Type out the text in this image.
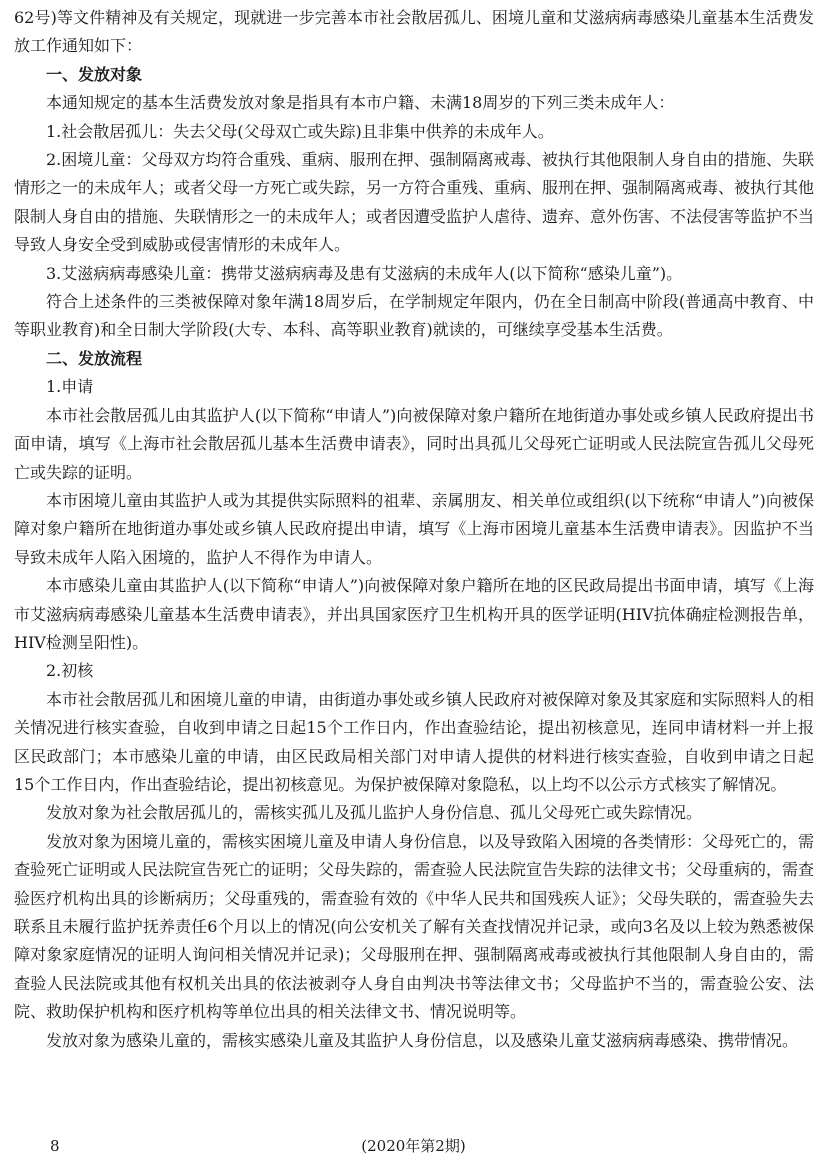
62号)等文件精神及有关规定，现就进一步完善本市社会散居孤儿、困境儿童和艾滋病病毒感染儿童基本生活费发放工作通知如下：

一、发放对象

本通知规定的基本生活费发放对象是指具有本市户籍、未满18周岁的下列三类未成年人：

1.社会散居孤儿：失去父母(父母双亡或失踪)且非集中供养的未成年人。

2.困境儿童：父母双方均符合重残、重病、服刑在押、强制隔离戒毒、被执行其他限制人身自由的措施、失联情形之一的未成年人；或者父母一方死亡或失踪，另一方符合重残、重病、服刑在押、强制隔离戒毒、被执行其他限制人身自由的措施、失联情形之一的未成年人；或者因遭受监护人虐待、遗弃、意外伤害、不法侵害等监护不当导致人身安全受到威胁或侵害情形的未成年人。

3.艾滋病病毒感染儿童：携带艾滋病病毒及患有艾滋病的未成年人(以下简称“感染儿童”)。

符合上述条件的三类被保障对象年满18周岁后，在学制规定年限内，仍在全日制高中阶段(普通高中教育、中等职业教育)和全日制大学阶段(大专、本科、高等职业教育)就读的，可继续享受基本生活费。

二、发放流程

1.申请

本市社会散居孤儿由其监护人(以下简称“申请人”)向被保障对象户籍所在地街道办事处或乡镇人民政府提出书面申请，填写《上海市社会散居孤儿基本生活费申请表》，同时出具孤儿父母死亡证明或人民法院宣告孤儿父母死亡或失踪的证明。

本市困境儿童由其监护人或为其提供实际照料的祖辈、亲属朋友、相关单位或组织(以下统称“申请人”)向被保障对象户籍所在地街道办事处或乡镇人民政府提出申请，填写《上海市困境儿童基本生活费申请表》。因监护不当导致未成年人陷入困境的，监护人不得作为申请人。

本市感染儿童由其监护人(以下简称“申请人”)向被保障对象户籍所在地的区民政局提出书面申请，填写《上海市艾滋病病毒感染儿童基本生活费申请表》，并出具国家医疗卫生机构开具的医学证明(HIV抗体确症检测报告单，HIV检测呈阳性)。

2.初核

本市社会散居孤儿和困境儿童的申请，由街道办事处或乡镇人民政府对被保障对象及其家庭和实际照料人的相关情况进行核实查验，自收到申请之日起15个工作日内，作出查验结论，提出初核意见，连同申请材料一并上报区民政部门；本市感染儿童的申请，由区民政局相关部门对申请人提供的材料进行核实查验，自收到申请之日起15个工作日内，作出查验结论，提出初核意见。为保护被保障对象隐私，以上均不以公示方式核实了解情况。

发放对象为社会散居孤儿的，需核实孤儿及孤儿监护人身份信息、孤儿父母死亡或失踪情况。

发放对象为困境儿童的，需核实困境儿童及申请人身份信息，以及导致陷入困境的各类情形：父母死亡的，需查验死亡证明或人民法院宣告死亡的证明；父母失踪的，需查验人民法院宣告失踪的法律文书；父母重病的，需查验医疗机构出具的诊断病历；父母重残的，需查验有效的《中华人民共和国残疾人证》；父母失联的，需查验失去联系且未履行监护抚养责任6个月以上的情况(向公安机关了解有关查找情况并记录，或向3名及以上较为熟悉被保障对象家庭情况的证明人询问相关情况并记录)；父母服刑在押、强制隔离戒毒或被执行其他限制人身自由的，需查验人民法院或其他有权机关出具的依法被剥夺人身自由判决书等法律文书；父母监护不当的，需查验公安、法院、救助保护机构和医疗机构等单位出具的相关法律文书、情况说明等。

发放对象为感染儿童的，需核实感染儿童及其监护人身份信息，以及感染儿童艾滋病病毒感染、携带情况。

8	(2020年第2期)
